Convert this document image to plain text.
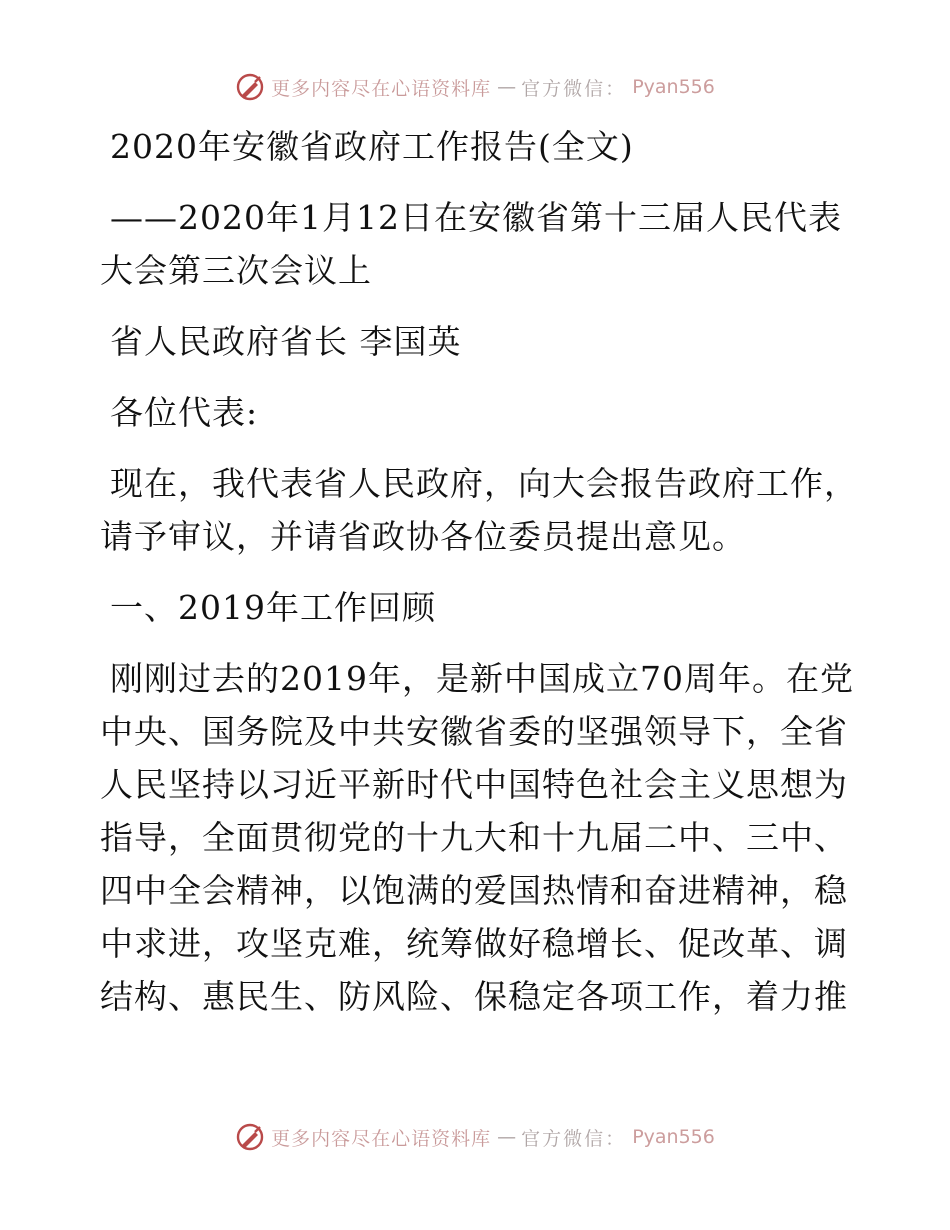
更多内容尽在心语资料库 — 官方微信： Pyan556

2020年安徽省政府工作报告(全文)

——2020年1月12日在安徽省第十三届人民代表大会第三次会议上

省人民政府省长 李国英

各位代表:

现在，我代表省人民政府，向大会报告政府工作，请予审议，并请省政协各位委员提出意见。

一、2019年工作回顾

刚刚过去的2019年，是新中国成立70周年。在党中央、国务院及中共安徽省委的坚强领导下，全省人民坚持以习近平新时代中国特色社会主义思想为指导，全面贯彻党的十九大和十九届二中、三中、四中全会精神，以饱满的爱国热情和奋进精神，稳中求进，攻坚克难，统筹做好稳增长、促改革、调结构、惠民生、防风险、保稳定各项工作，着力推

更多内容尽在心语资料库 — 官方微信： Pyan556
